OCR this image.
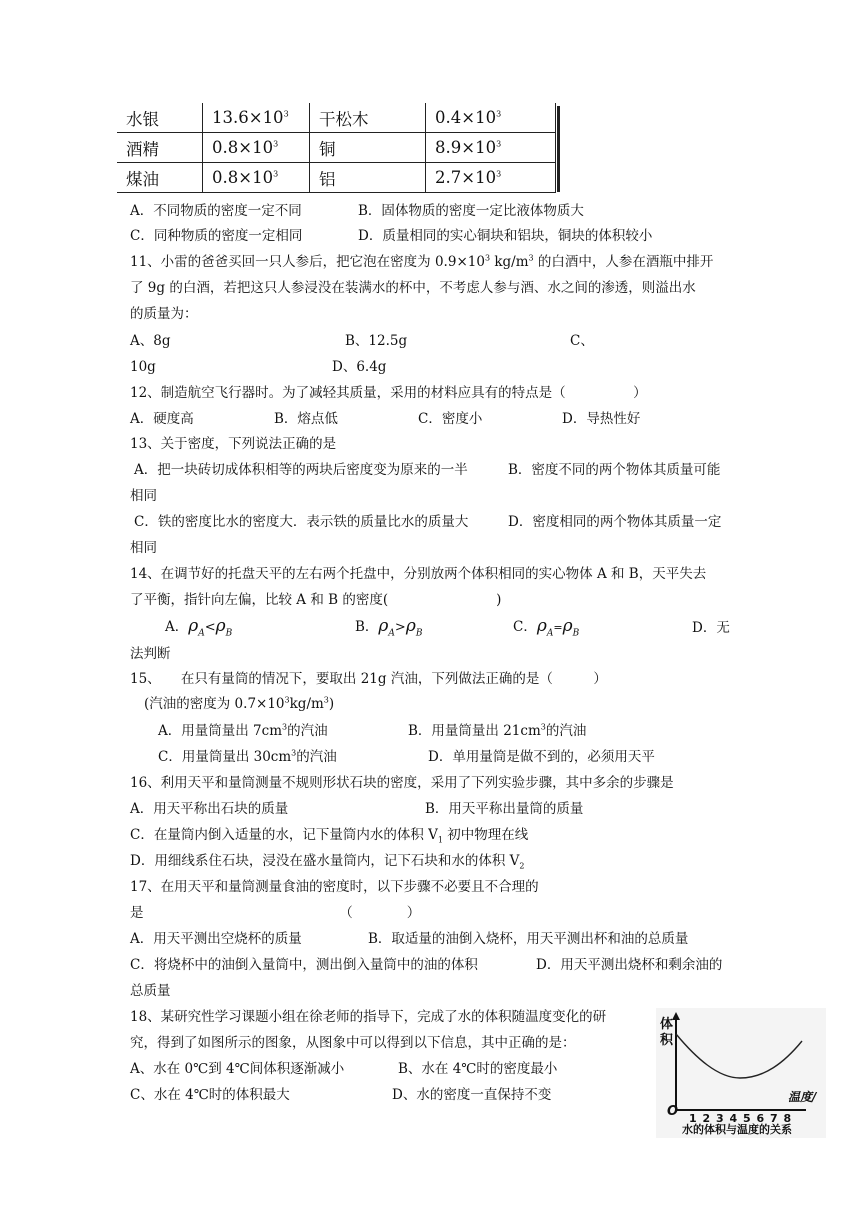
水银	$13.6\times 10^3$	干松木	$0.4\times 10^3$
酒精	$0.8\times 10^3$	铜	$8.9\times 10^3$
煤油	$0.8\times 10^3$	铝	$2.7\times 10^3$
A．不同物质的密度一定不同	B．固体物质的密度一定比液体物质大
C．同种物质的密度一定相同	D．质量相同的实心铜块和铝块，铜块的体积较小
11、小雷的爸爸买回一只人参后，把它泡在密度为 $0.9\times 10^3$ $kg/m^3$ 的白酒中，人参在酒瓶中排开
了 9g 的白酒，若把这只人参浸没在装满水的杯中，不考虑人参与酒、水之间的渗透，则溢出水
的质量为：
A、8g	B、12.5g	C、
10g	D、6.4g
12、制造航空飞行器时。为了减轻其质量，采用的材料应具有的特点是（　　　　　）
A．硬度高	B．熔点低	C．密度小	D．导热性好
13、关于密度，下列说法正确的是
A．把一块砖切成体积相等的两块后密度变为原来的一半	B．密度不同的两个物体其质量可能
相同
C．铁的密度比水的密度大．表示铁的质量比水的质量大	D．密度相同的两个物体其质量一定
相同
14、在调节好的托盘天平的左右两个托盘中，分别放两个体积相同的实心物体 A 和 B，天平失去
了平衡，指针向左偏，比较 A 和 B 的密度(　　　　　　　　)
A．$\rho_A<\rho_B$	B．$\rho_A>\rho_B$	C．$\rho_A=\rho_B$	D．无
法判断
15、　　在只有量筒的情况下，要取出 21g 汽油，下列做法正确的是（　　　）
(汽油的密度为 $0.7\times 10^3kg/m^3$)
A．用量筒量出 $7cm^3$的汽油	B．用量筒量出 $21cm^3$的汽油
C．用量筒量出 $30cm^3$的汽油	D．单用量筒是做不到的，必须用天平
16、利用天平和量筒测量不规则形状石块的密度，采用了下列实验步骤，其中多余的步骤是
A．用天平称出石块的质量	B．用天平称出量筒的质量
C．在量筒内倒入适量的水，记下量筒内水的体积 $V_1$ 初中物理在线
D．用细线系住石块，浸没在盛水量筒内，记下石块和水的体积 $V_2$
17、在用天平和量筒测量食油的密度时，以下步骤不必要且不合理的
是　　　　　　　　　　　　　　　（　　　　）
A．用天平测出空烧杯的质量	B．取适量的油倒入烧杯，用天平测出杯和油的总质量
C．将烧杯中的油倒入量筒中，测出倒入量筒中的油的体积	D．用天平测出烧杯和剩余油的
总质量
18、某研究性学习课题小组在徐老师的指导下，完成了水的体积随温度变化的研
究，得到了如图所示的图象，从图象中可以得到以下信息，其中正确的是：
A、水在 0℃到 4℃间体积逐渐减小	B、水在 4℃时的密度最小
C、水在 4℃时的体积最大	D、水的密度一直保持不变
体
积
温度/
O 1 2 3 4 5 6 7 8
水的体积与温度的关系
